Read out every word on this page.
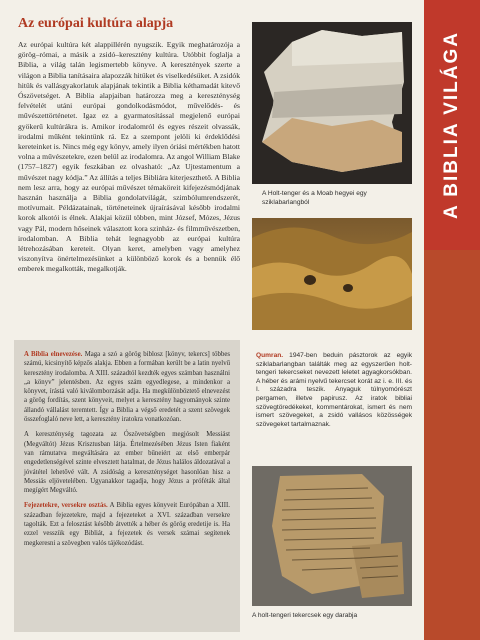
A BIBLIA VILÁGA
Az európai kultúra alapja

Az európai kultúra két alappillérén nyugszik. Egyik meghatározója a görög–római, a másik a zsidó–keresztény kultúra. Utóbbit foglalja a Biblia, a világ talán legismertebb könyve. A keresztények szerte a világon a Biblia tanításaira alapozzák hitüket és viselkedésüket. A zsidók hitük és vallásgyakorlatuk alapjának tekintik a Biblia kéthamadát kitevő Ószövetséget. A Biblia alapjaiban határozza meg a kereszténység felvételét utáni európai gondolkodásmódot, művelődés- és művészettörténetet. Igaz ez a gyarmatosítással megjelenő európai gyökerű kultúrákra is. Amikor irodalomról és egyes részeit olvassák, irodalmi műként tekintünk rá. Ez a szempont jelöli ki érdeklődési kereteinket is. Nincs még egy könyv, amely ilyen óriási mértékben hatott volna a művészetekre, ezen belül az irodalomra. Az angol William Blake (1757–1827) egyik feszkában ez olvasható: „Az Ujtestamentum a művészet nagy kódja.” Az állítás a teljes Bibliára kiterjeszthető. A Biblia nem lesz arra, hogy az európai művészet témaköreit kifejezésmódjának hasznán használja a Biblia gondolatvilágát, szimbólumrendszerét, motívumait. Példázatainak, történeteinek újraírásával később irodalmi korok alkotói is élnek. Alakjai közül többen, mint József, Mózes, Jézus vagy Pál, modern hőseinek választott kora szinház- és filmművészetben, irodalomban. A Biblia tehát legnagyobb az európai kultúra létrehozásában kereteit. Olyan keret, amelyben vagy amelyhez viszonyítva önértelmezésünket a különböző korok és a bennük élő emberek megalkották, megalkotják.

A Biblia elnevezése. Maga a szó a görög biblosz [könyv, tekercs] többes számú, kicsinyítő képzős alakja. Ebben a formában került be a latin nyelvű keresztény irodalomba. A XIII. századtól kezdték egyes számban használni „a könyv” jelentésben. Az egyes szám egyedlegese, a mindenkor a könyvet, írástá való kiválomborzását adja. Ha megkülönböztető elnevezést a görög fordítás, szent könyveit, melyet a keresztény hagyományok szinte állandó vállalást teremtett. Így a Biblia a végső eredetét a szent szövegek összefoglaló neve lett, a keresztény iratokra vonatkozóan.

A kereszténység tagozata az Ószövetségben megjósolt Messiást (Megváltót) Jézus Krisztusban látja. Értelmezésében Jézus Isten fiaként van rámutatva megváltására az ember bűneiért az első emberpár engedetlenségével szinte elvesztett hatalmat, de Jézus halálos áldozatával a jóvátétel lehetővé vált. A zsidóság a kereszténységet hasonlóan hisz a Messiás eljövetelében. Ugyanakkor tagadja, hogy Jézus a próféták által megígért Megváltó.

Fejezetekre, versekre osztás. A Biblia egyes könyveit Európában a XIII. században fejezetekre, majd a fejezeteket a XVI. században versekre tagolták. Ezt a felosztást később átvették a héber és görög eredetije is. Ha ezzel vesszük egy Bibliát, a fejezetek és versek számai segítenek megkeresni a szövegben valós tájékozódást.

A Holt-tenger és a Moab hegyei egy sziklabarlangból
Qumran. 1947-ben beduin pásztorok az egyik sziklabarlangban találták meg az egyszerűen holt-tengeri tekercseket nevezett leletet agyagkorsókban. A héber és arámi nyelvű tekercset korát az i. e. III. és I. századra teszik. Anyaguk túlnyomórészt pergamen, illetve papirusz. Az iratok bibliai szövegtöredékeket, kommentárokat, ismert és nem ismert szövegeket, a zsidó vallásos közösségek szövegeket tartalmaznak.
A holt-tengeri tekercsek egy darabja
